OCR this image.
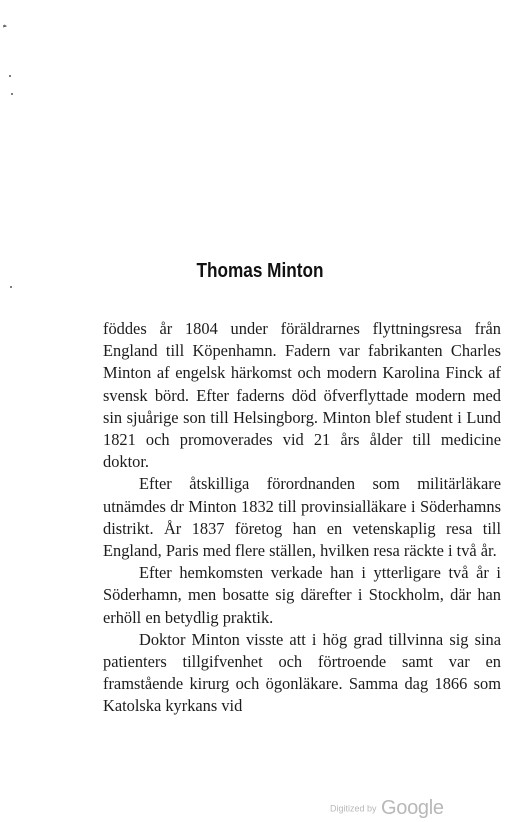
ᵖˡᵃ
Thomas Minton

föddes år 1804 under föräldrarnes flyttningsresa från England till Köpenhamn. Fadern var fabrikanten Charles Minton af engelsk härkomst och modern Karolina Finck af svensk börd. Efter faderns död öfverflyttade modern med sin sjuårige son till Helsingborg. Minton blef student i Lund 1821 och promoverades vid 21 års ålder till medicine doktor.

Efter åtskilliga förordnanden som militärläkare utnämdes dr Minton 1832 till provinsialläkare i Söderhamns distrikt. År 1837 företog han en vetenskaplig resa till England, Paris med flere ställen, hvilken resa räckte i två år.

Efter hemkomsten verkade han i ytterligare två år i Söderhamn, men bosatte sig därefter i Stockholm, där han erhöll en betydlig praktik.

Doktor Minton visste att i hög grad tillvinna sig sina patienters tillgifvenhet och förtroende samt var en framstående kirurg och ögonläkare. Samma dag 1866 som Katolska kyrkans vid

Digitized by Google
